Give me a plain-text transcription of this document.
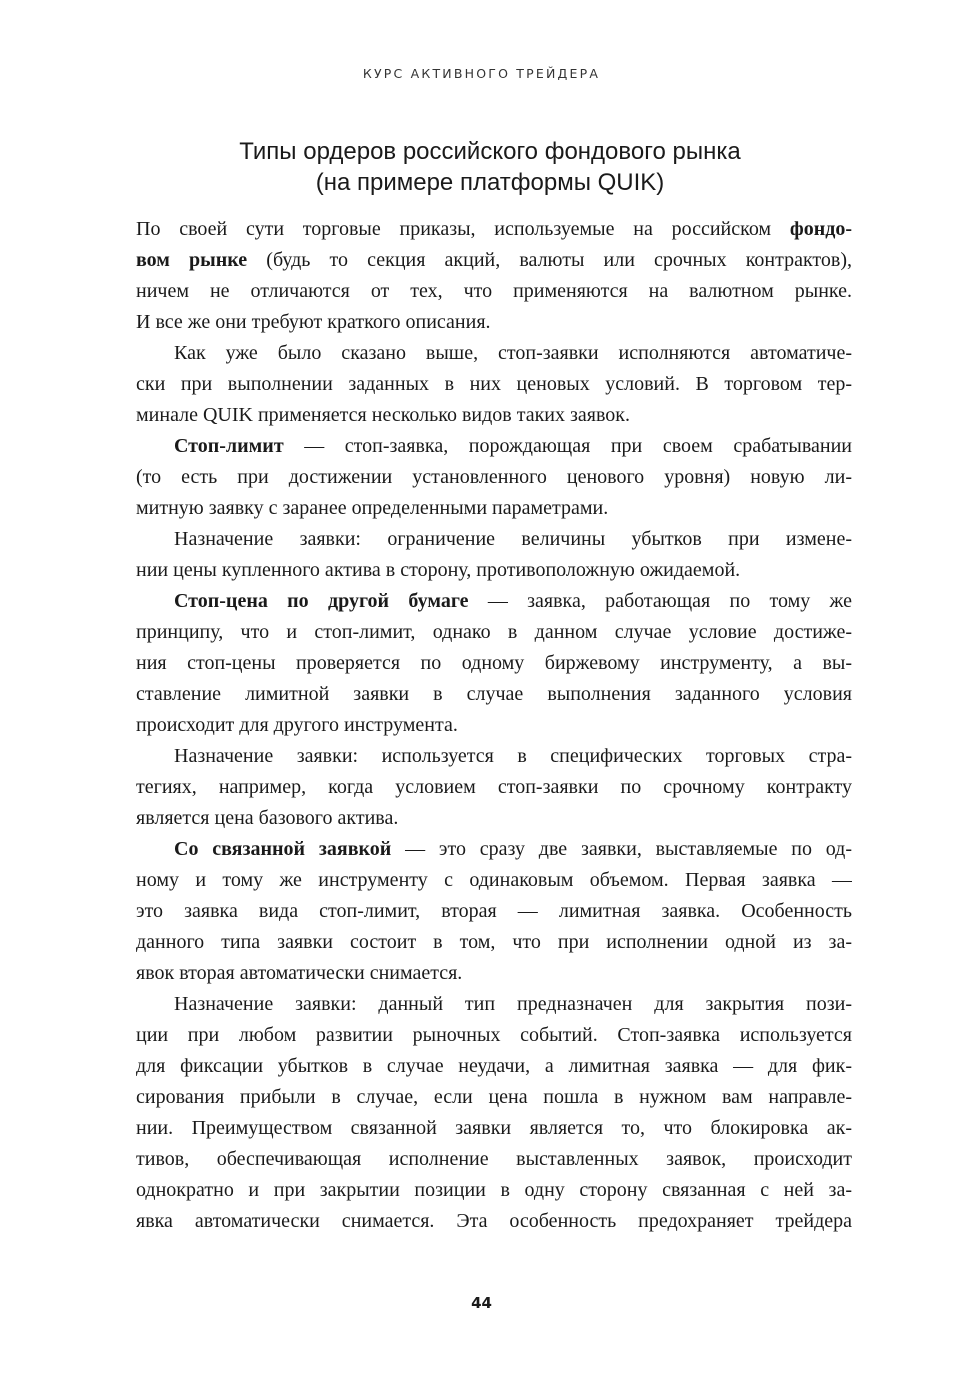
КУРС АКТИВНОГО ТРЕЙДЕРА
Типы ордеров российского фондового рынка
(на примере платформы QUIK)
По своей сути торговые приказы, используемые на российском фондо-
вом рынке (будь то секция акций, валюты или срочных контрактов),
ничем не отличаются от тех, что применяются на валютном рынке.
И все же они требуют краткого описания.
Как уже было сказано выше, стоп-заявки исполняются автоматиче-
ски при выполнении заданных в них ценовых условий. В торговом тер-
минале QUIK применяется несколько видов таких заявок.
Стоп-лимит — стоп-заявка, порождающая при своем срабатывании
(то есть при достижении установленного ценового уровня) новую ли-
митную заявку с заранее определенными параметрами.
Назначение заявки: ограничение величины убытков при измене-
нии цены купленного актива в сторону, противоположную ожидаемой.
Стоп-цена по другой бумаге — заявка, работающая по тому же
принципу, что и стоп-лимит, однако в данном случае условие достиже-
ния стоп-цены проверяется по одному биржевому инструменту, а вы-
ставление лимитной заявки в случае выполнения заданного условия
происходит для другого инструмента.
Назначение заявки: используется в специфических торговых стра-
тегиях, например, когда условием стоп-заявки по срочному контракту
является цена базового актива.
Со связанной заявкой — это сразу две заявки, выставляемые по од-
ному и тому же инструменту с одинаковым объемом. Первая заявка —
это заявка вида стоп-лимит, вторая — лимитная заявка. Особенность
данного типа заявки состоит в том, что при исполнении одной из за-
явок вторая автоматически снимается.
Назначение заявки: данный тип предназначен для закрытия пози-
ции при любом развитии рыночных событий. Стоп-заявка используется
для фиксации убытков в случае неудачи, а лимитная заявка — для фик-
сирования прибыли в случае, если цена пошла в нужном вам направле-
нии. Преимуществом связанной заявки является то, что блокировка ак-
тивов, обеспечивающая исполнение выставленных заявок, происходит
однократно и при закрытии позиции в одну сторону связанная с ней за-
явка автоматически снимается. Эта особенность предохраняет трейдера
44
